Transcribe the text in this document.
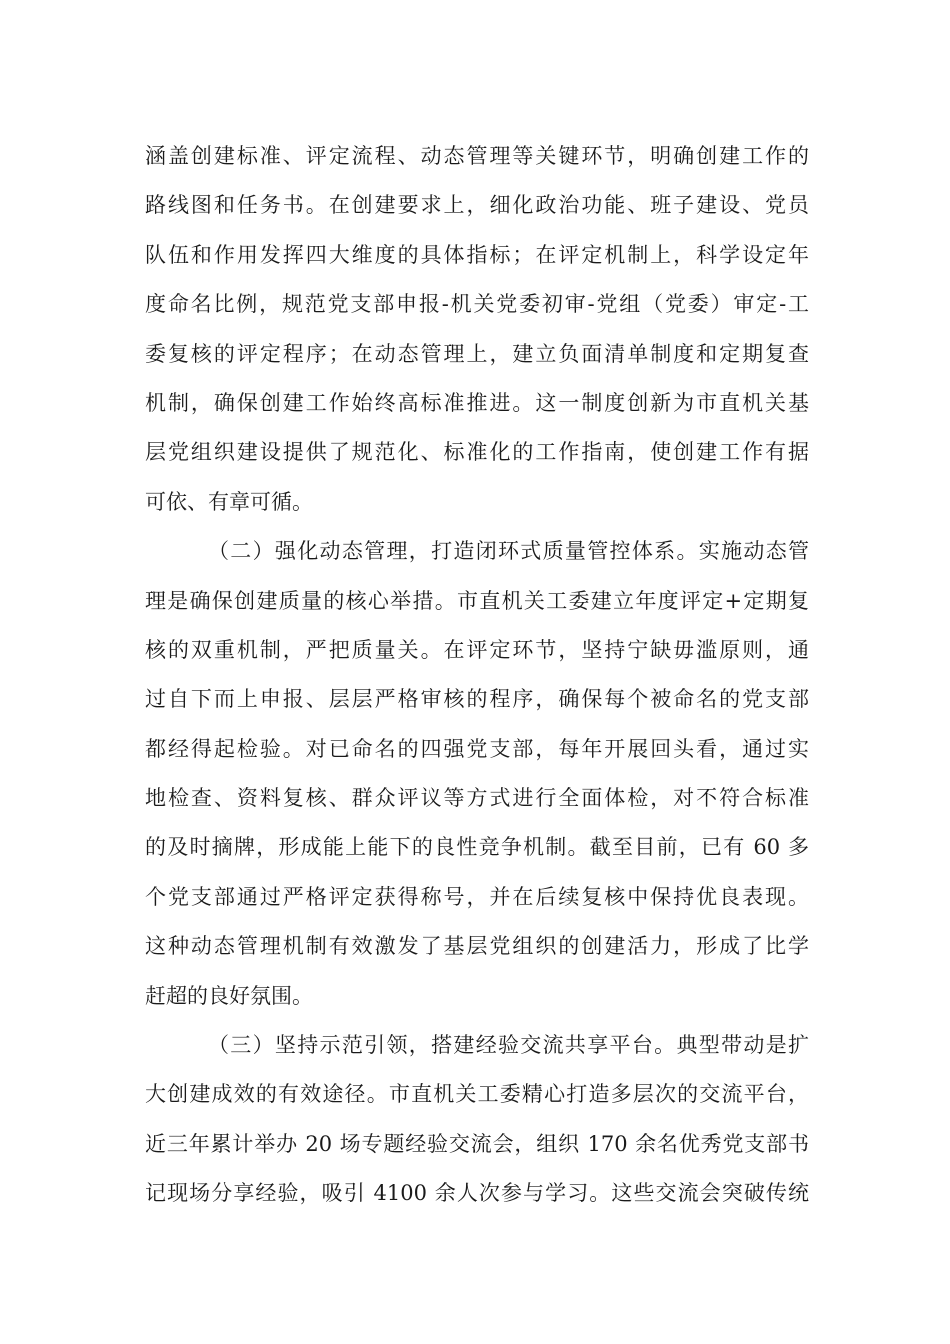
涵盖创建标准、评定流程、动态管理等关键环节，明确创建工作的
路线图和任务书。在创建要求上，细化政治功能、班子建设、党员
队伍和作用发挥四大维度的具体指标；在评定机制上，科学设定年
度命名比例，规范党支部申报-机关党委初审-党组（党委）审定-工
委复核的评定程序；在动态管理上，建立负面清单制度和定期复查
机制，确保创建工作始终高标准推进。这一制度创新为市直机关基
层党组织建设提供了规范化、标准化的工作指南，使创建工作有据
可依、有章可循。
（二）强化动态管理，打造闭环式质量管控体系。实施动态管
理是确保创建质量的核心举措。市直机关工委建立年度评定+定期复
核的双重机制，严把质量关。在评定环节，坚持宁缺毋滥原则，通
过自下而上申报、层层严格审核的程序，确保每个被命名的党支部
都经得起检验。对已命名的四强党支部，每年开展回头看，通过实
地检查、资料复核、群众评议等方式进行全面体检，对不符合标准
的及时摘牌，形成能上能下的良性竞争机制。截至目前，已有 60 多
个党支部通过严格评定获得称号，并在后续复核中保持优良表现。
这种动态管理机制有效激发了基层党组织的创建活力，形成了比学
赶超的良好氛围。
（三）坚持示范引领，搭建经验交流共享平台。典型带动是扩
大创建成效的有效途径。市直机关工委精心打造多层次的交流平台，
近三年累计举办 20 场专题经验交流会，组织 170 余名优秀党支部书
记现场分享经验，吸引 4100 余人次参与学习。这些交流会突破传统
